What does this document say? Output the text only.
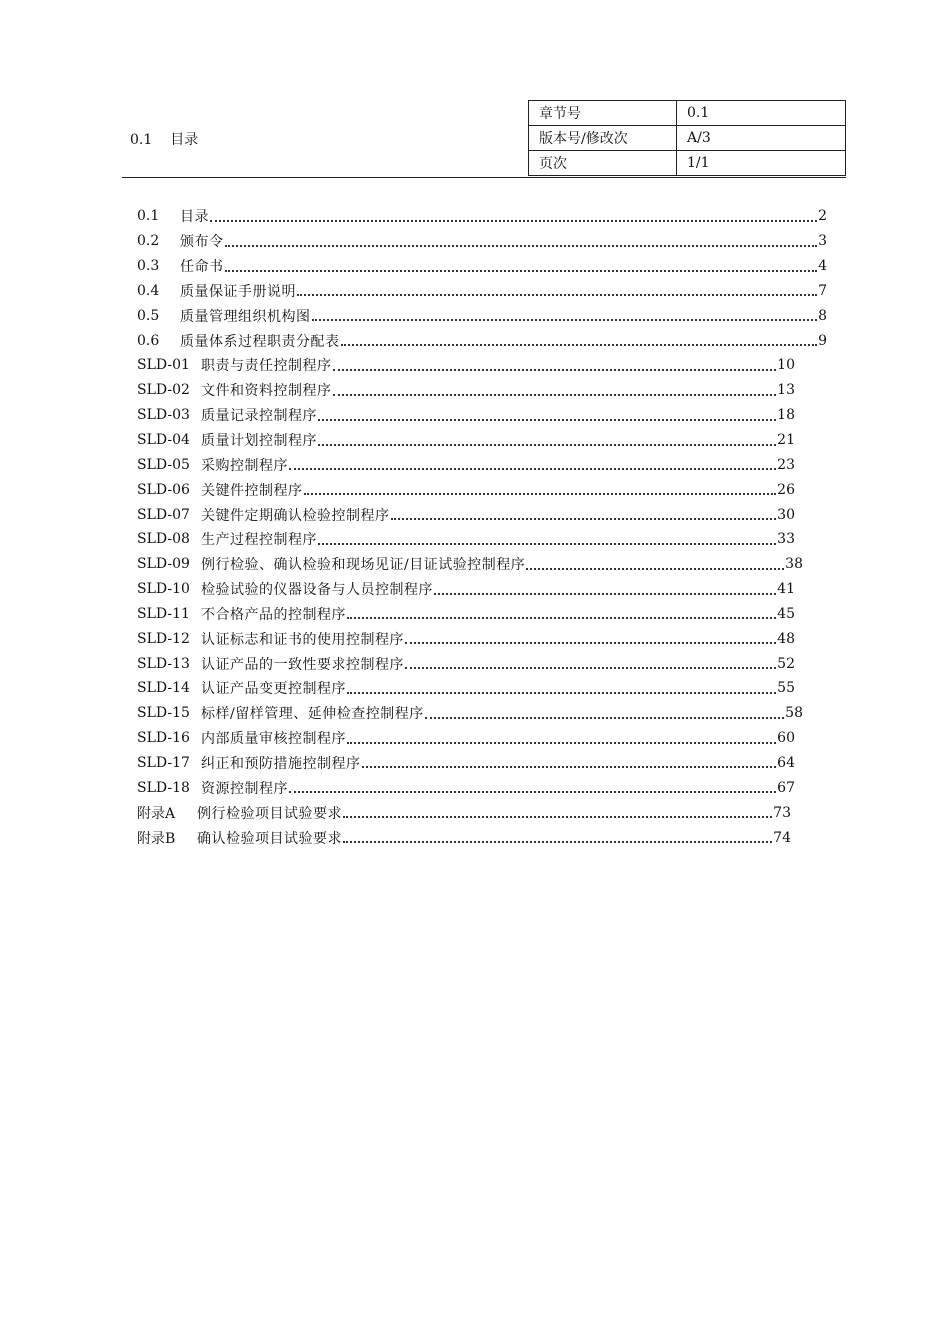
0.1 目录
章节号	0.1
版本号/修改次	A/3
页次	1/1
0.1	目录	2
0.2	颁布令	3
0.3	任命书	4
0.4	质量保证手册说明	7
0.5	质量管理组织机构图	8
0.6	质量体系过程职责分配表	9
SLD-01 职责与责任控制程序	10
SLD-02 文件和资料控制程序	13
SLD-03 质量记录控制程序	18
SLD-04 质量计划控制程序	21
SLD-05 采购控制程序	23
SLD-06 关键件控制程序	26
SLD-07 关键件定期确认检验控制程序	30
SLD-08 生产过程控制程序	33
SLD-09 例行检验、确认检验和现场见证/目证试验控制程序	38
SLD-10 检验试验的仪器设备与人员控制程序	41
SLD-11 不合格产品的控制程序	45
SLD-12 认证标志和证书的使用控制程序	48
SLD-13 认证产品的一致性要求控制程序	52
SLD-14 认证产品变更控制程序	55
SLD-15 标样/留样管理、延伸检查控制程序	58
SLD-16 内部质量审核控制程序	60
SLD-17 纠正和预防措施控制程序	64
SLD-18 资源控制程序	67
附录A	例行检验项目试验要求	73
附录B	确认检验项目试验要求	74
